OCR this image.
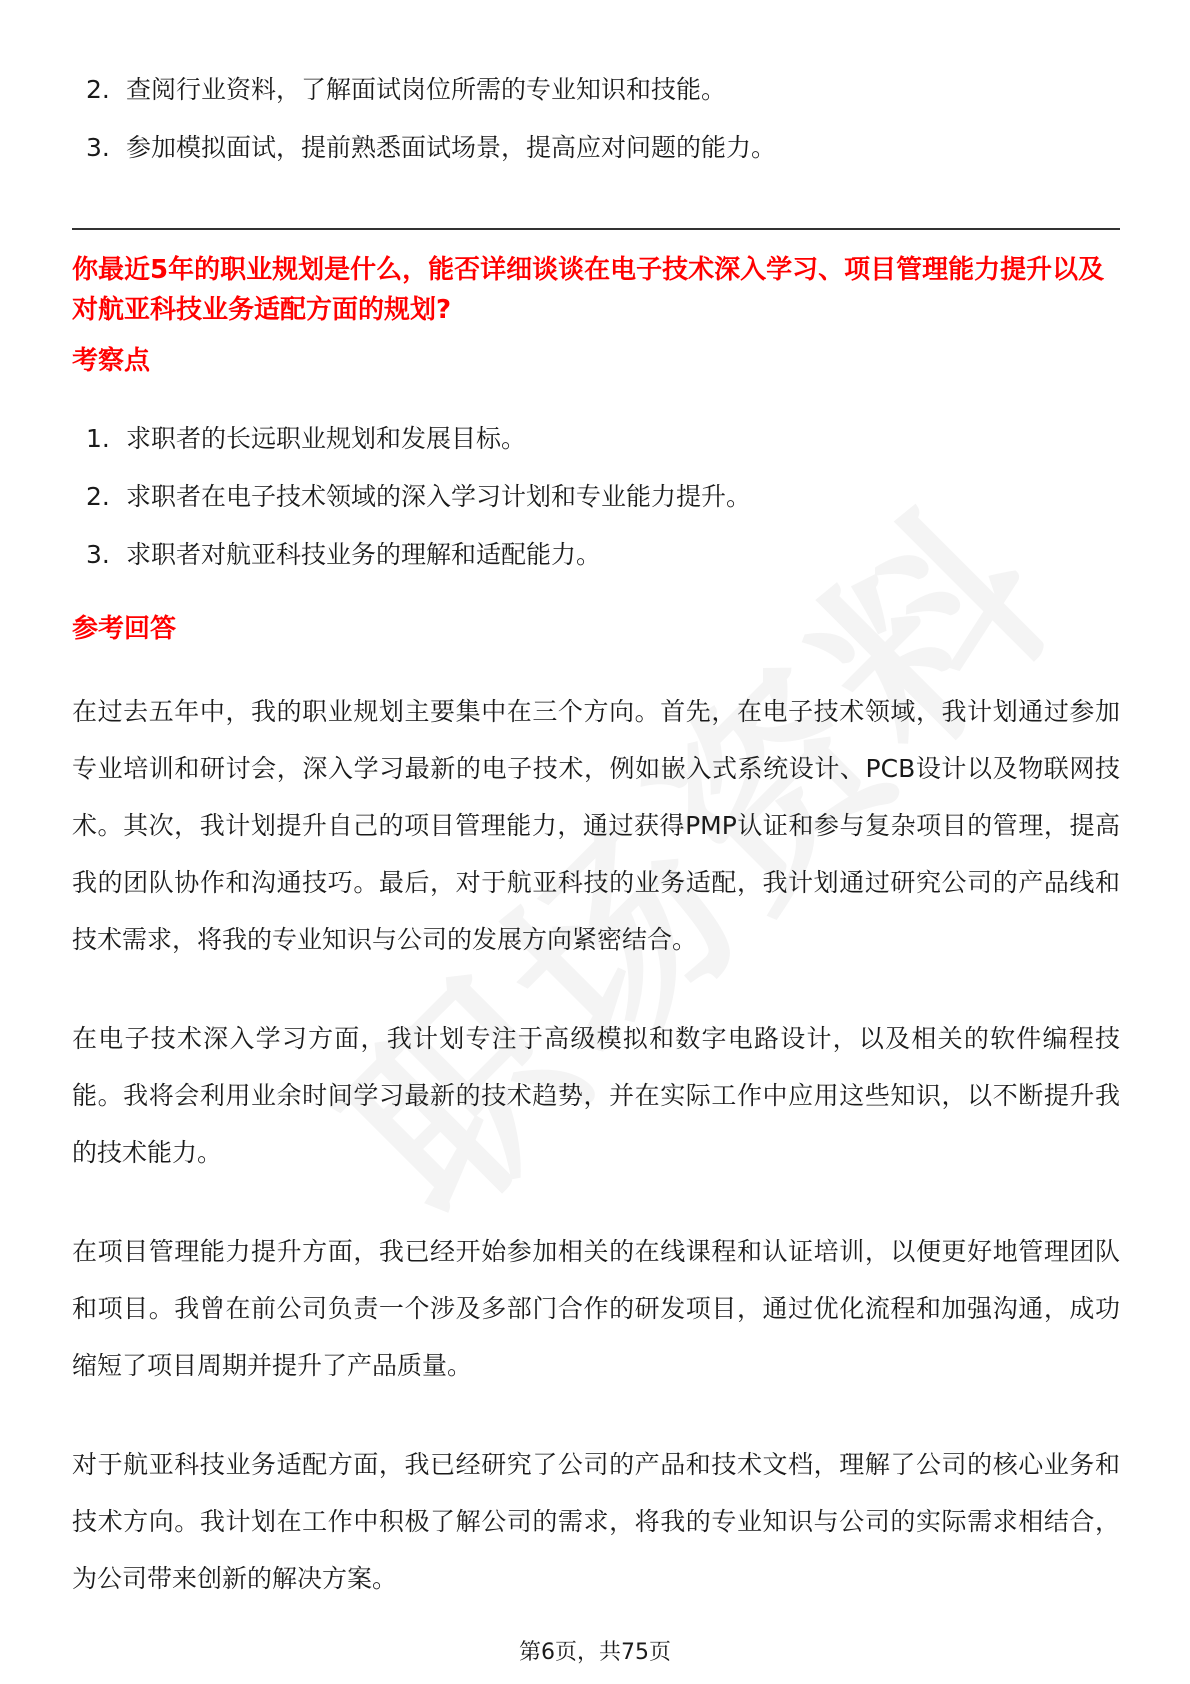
2. 查阅行业资料，了解面试岗位所需的专业知识和技能。
3. 参加模拟面试，提前熟悉面试场景，提高应对问题的能力。
你最近5年的职业规划是什么，能否详细谈谈在电子技术深入学习、项目管理能力提升以及对航亚科技业务适配方面的规划?
考察点
1. 求职者的长远职业规划和发展目标。
2. 求职者在电子技术领域的深入学习计划和专业能力提升。
3. 求职者对航亚科技业务的理解和适配能力。
参考回答

在过去五年中，我的职业规划主要集中在三个方向。首先，在电子技术领域，我计划通过参加专业培训和研讨会，深入学习最新的电子技术，例如嵌入式系统设计、PCB设计以及物联网技术。其次，我计划提升自己的项目管理能力，通过获得PMP认证和参与复杂项目的管理，提高我的团队协作和沟通技巧。最后，对于航亚科技的业务适配，我计划通过研究公司的产品线和技术需求，将我的专业知识与公司的发展方向紧密结合。

在电子技术深入学习方面，我计划专注于高级模拟和数字电路设计，以及相关的软件编程技能。我将会利用业余时间学习最新的技术趋势，并在实际工作中应用这些知识，以不断提升我的技术能力。

在项目管理能力提升方面，我已经开始参加相关的在线课程和认证培训，以便更好地管理团队和项目。我曾在前公司负责一个涉及多部门合作的研发项目，通过优化流程和加强沟通，成功缩短了项目周期并提升了产品质量。

对于航亚科技业务适配方面，我已经研究了公司的产品和技术文档，理解了公司的核心业务和技术方向。我计划在工作中积极了解公司的需求，将我的专业知识与公司的实际需求相结合，为公司带来创新的解决方案。

第6页，共75页
